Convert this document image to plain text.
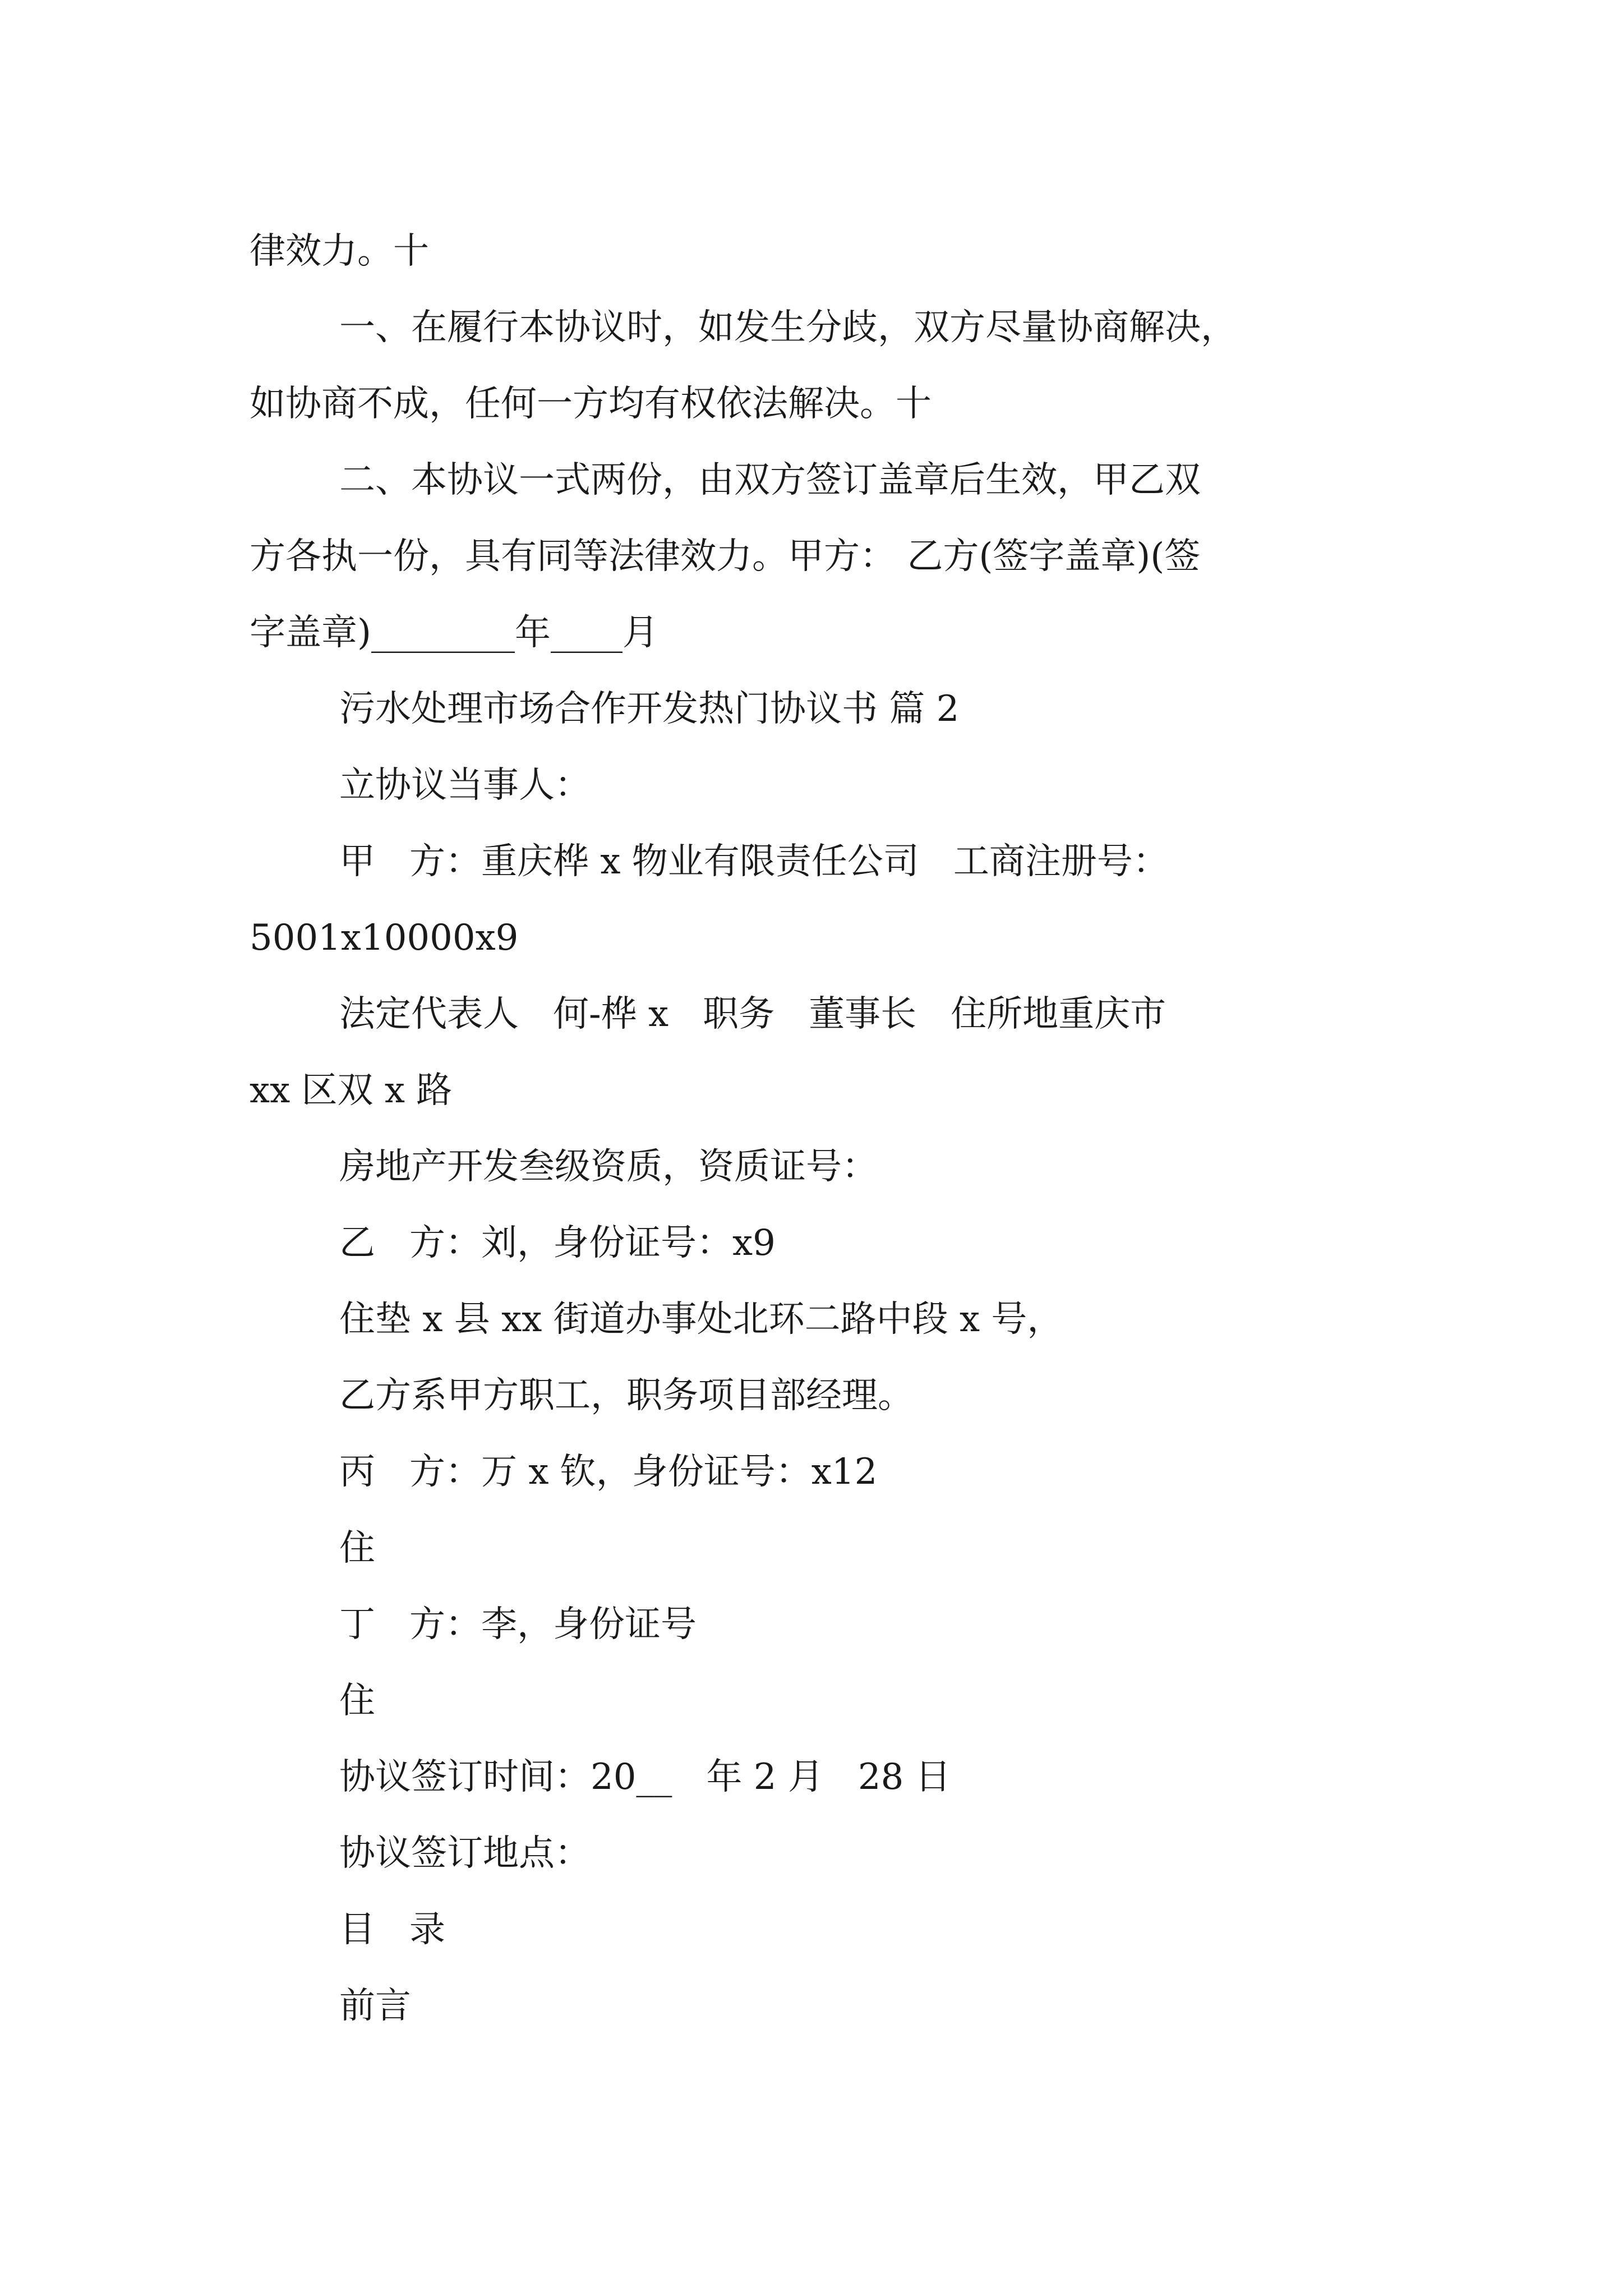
律效力。十

一、在履行本协议时，如发生分歧，双方尽量协商解决，

如协商不成，任何一方均有权依法解决。十

二、本协议一式两份，由双方签订盖章后生效，甲乙双

方各执一份，具有同等法律效力。甲方： 乙方(签字盖章)(签

字盖章)________年____月

污水处理市场合作开发热门协议书 篇 2

立协议当事人：

甲   方：重庆桦 x 物业有限责任公司   工商注册号：

5001x10000x9

法定代表人   何-桦 x   职务   董事长   住所地重庆市

xx 区双 x 路

房地产开发叁级资质，资质证号：

乙   方：刘，身份证号：x9

住垫 x 县 xx 街道办事处北环二路中段 x 号，

乙方系甲方职工，职务项目部经理。

丙   方：万 x 钦，身份证号：x12

住

丁   方：李，身份证号

住

协议签订时间：20__   年 2 月   28 日

协议签订地点：

目   录

前言
